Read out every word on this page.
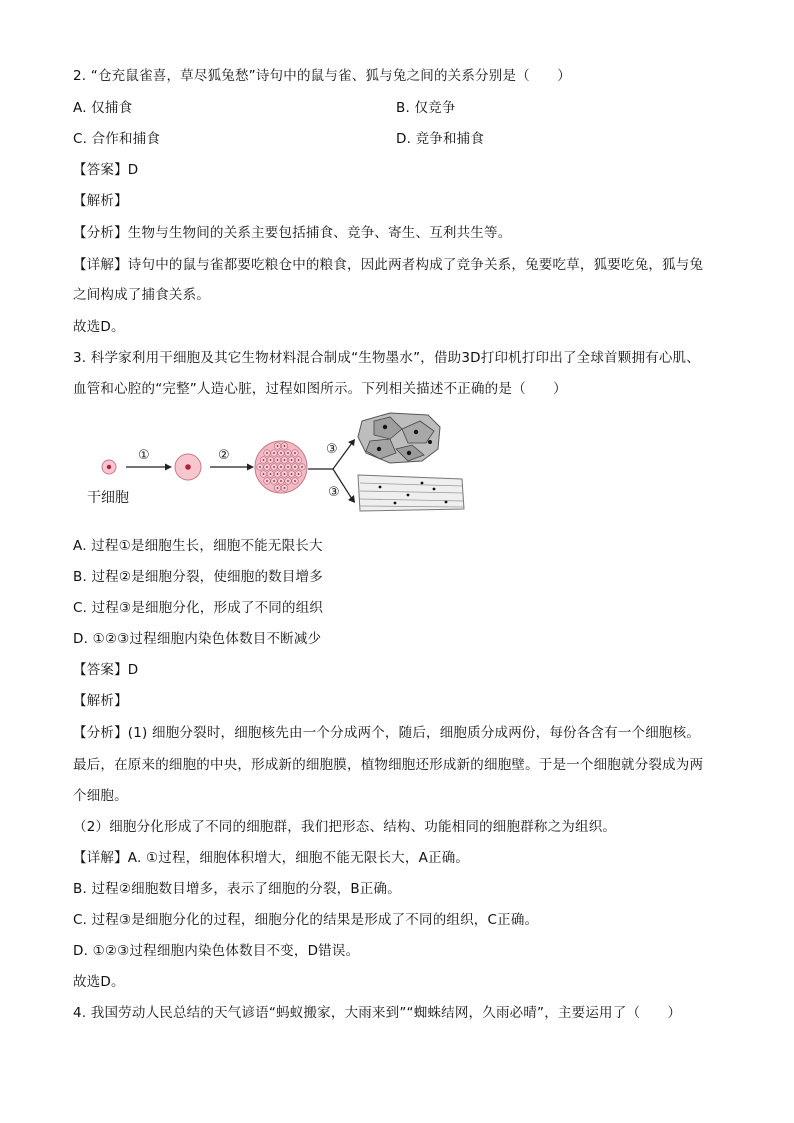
2. “仓充鼠雀喜，草尽狐兔愁”诗句中的鼠与雀、狐与兔之间的关系分别是（　　）
A. 仅捕食	B. 仅竞争
C. 合作和捕食	D. 竞争和捕食
【答案】D
【解析】
【分析】生物与生物间的关系主要包括捕食、竞争、寄生、互利共生等。
【详解】诗句中的鼠与雀都要吃粮仓中的粮食，因此两者构成了竞争关系，兔要吃草，狐要吃兔，狐与兔
之间构成了捕食关系。
故选D。
3. 科学家利用干细胞及其它生物材料混合制成“生物墨水”，借助3D打印机打印出了全球首颗拥有心肌、
血管和心腔的“完整”人造心脏，过程如图所示。下列相关描述不正确的是（　　）
①	②	③
③
干细胞
A. 过程①是细胞生长，细胞不能无限长大
B. 过程②是细胞分裂，使细胞的数目增多
C. 过程③是细胞分化，形成了不同的组织
D. ①②③过程细胞内染色体数目不断减少
【答案】D
【解析】
【分析】(1) 细胞分裂时，细胞核先由一个分成两个，随后，细胞质分成两份，每份各含有一个细胞核。
最后，在原来的细胞的中央，形成新的细胞膜，植物细胞还形成新的细胞壁。于是一个细胞就分裂成为两
个细胞。
（2）细胞分化形成了不同的细胞群，我们把形态、结构、功能相同的细胞群称之为组织。
【详解】A. ①过程，细胞体积增大，细胞不能无限长大，A正确。
B. 过程②细胞数目增多，表示了细胞的分裂，B正确。
C. 过程③是细胞分化的过程，细胞分化的结果是形成了不同的组织，C正确。
D. ①②③过程细胞内染色体数目不变，D错误。
故选D。
4. 我国劳动人民总结的天气谚语“蚂蚁搬家，大雨来到”“蜘蛛结网，久雨必晴”，主要运用了（　　）
